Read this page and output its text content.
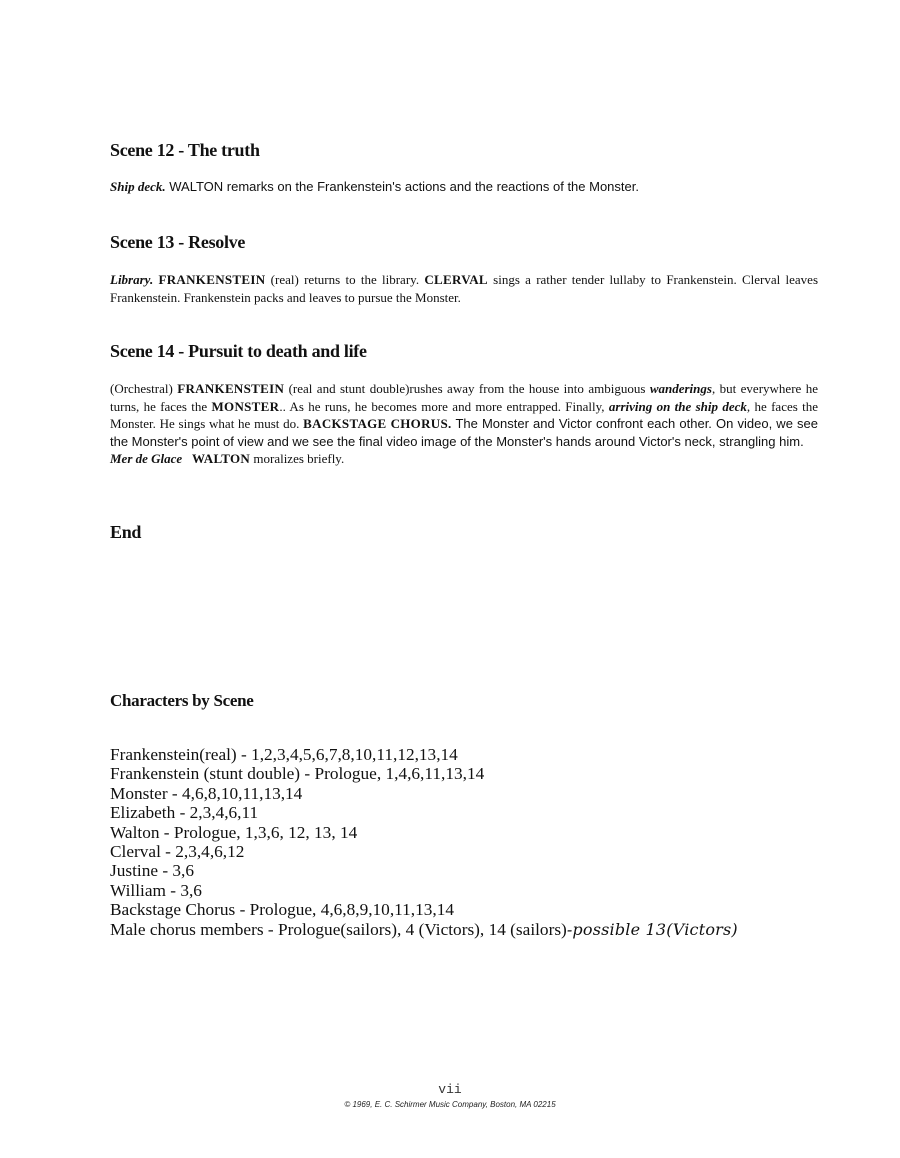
Scene 12 - The truth
Ship deck. WALTON remarks on the Frankenstein's actions and the reactions of the Monster.
Scene 13 - Resolve
Library. FRANKENSTEIN (real) returns to the library. CLERVAL sings a rather tender lullaby to Frankenstein. Clerval leaves Frankenstein. Frankenstein packs and leaves to pursue the Monster.
Scene 14 - Pursuit to death and life
(Orchestral) FRANKENSTEIN (real and stunt double)rushes away from the house into ambiguous wanderings, but everywhere he turns, he faces the MONSTER.. As he runs, he becomes more and more entrapped. Finally, arriving on the ship deck, he faces the Monster. He sings what he must do. BACKSTAGE CHORUS. The Monster and Victor confront each other. On video, we see the Monster's point of view and we see the final video image of the Monster's hands around Victor's neck, strangling him.
Mer de Glace WALTON moralizes briefly.
End
Characters by Scene
Frankenstein(real) - 1,2,3,4,5,6,7,8,10,11,12,13,14
Frankenstein (stunt double) - Prologue, 1,4,6,11,13,14
Monster - 4,6,8,10,11,13,14
Elizabeth - 2,3,4,6,11
Walton - Prologue, 1,3,6, 12, 13, 14
Clerval - 2,3,4,6,12
Justine - 3,6
William - 3,6
Backstage Chorus - Prologue, 4,6,8,9,10,11,13,14
Male chorus members - Prologue(sailors), 4 (Victors), 14 (sailors)-possible 13(Victors)
vii
© 1969, E. C. Schirmer Music Company, Boston, MA 02215
